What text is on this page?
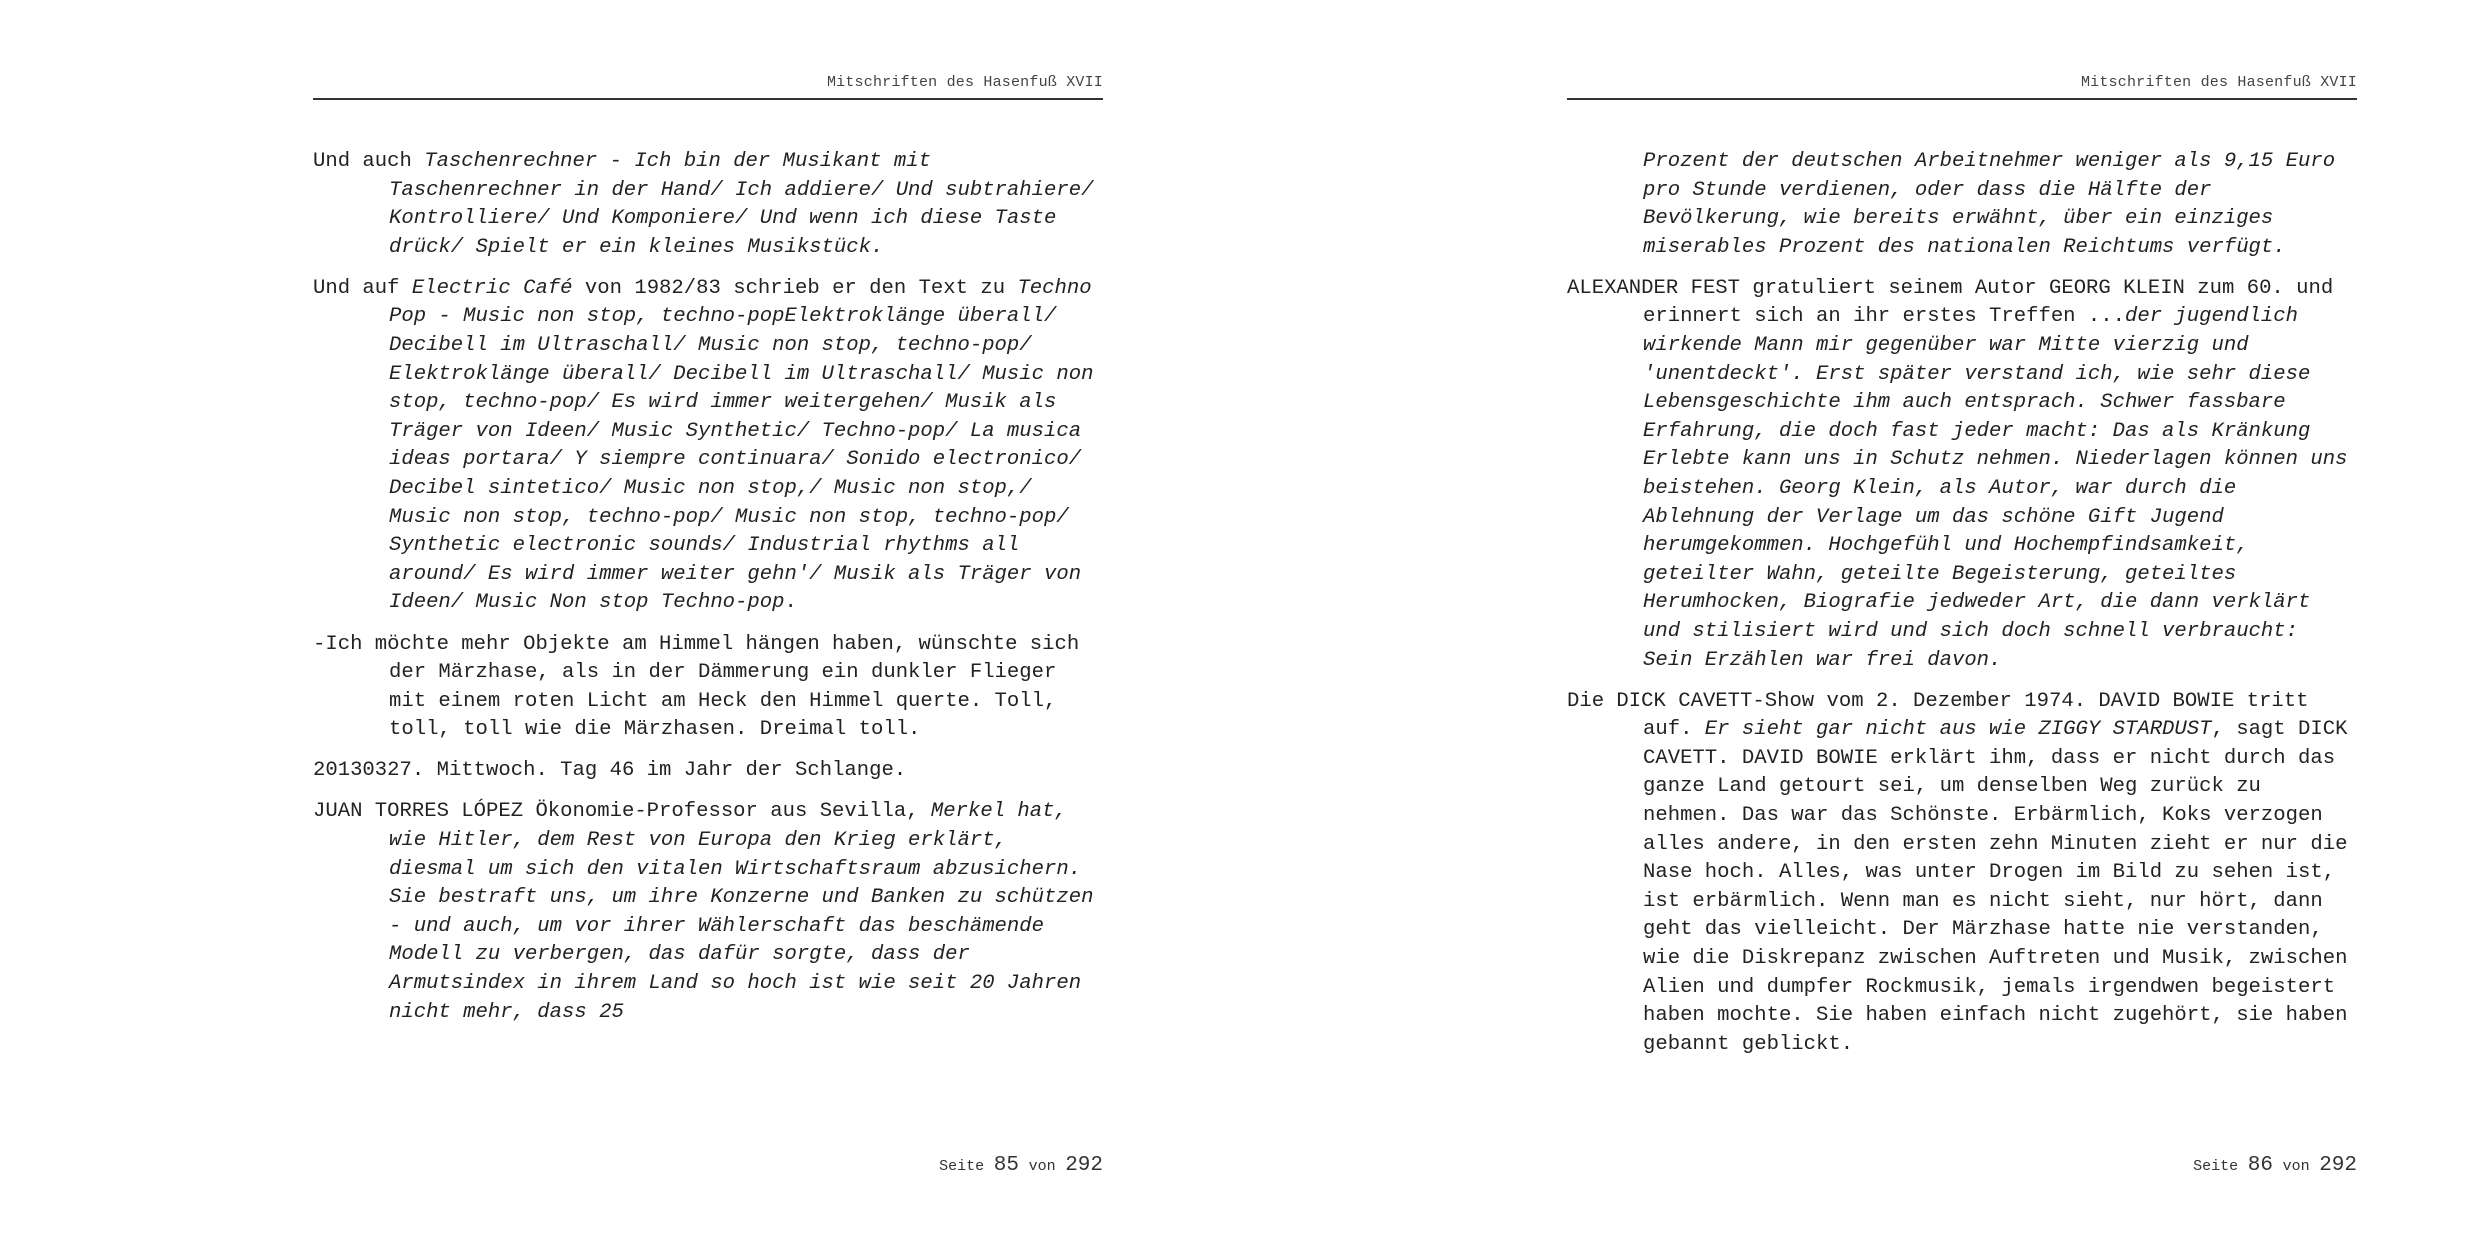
Mitschriften des Hasenfuß XVII

Und auch Taschenrechner - Ich bin der Musikant mit Taschenrechner in der Hand/ Ich addiere/ Und subtrahiere/ Kontrolliere/ Und Komponiere/ Und wenn ich diese Taste drück/ Spielt er ein kleines Musikstück.

Und auf Electric Café von 1982/83 schrieb er den Text zu Techno Pop - Music non stop, techno-popElektroklänge überall/ Decibell im Ultraschall/ Music non stop, techno-pop/ Elektroklänge überall/ Decibell im Ultraschall/ Music non stop, techno-pop/ Es wird immer weitergehen/ Musik als Träger von Ideen/ Music Synthetic/ Techno-pop/ La musica ideas portara/ Y siempre continuara/ Sonido electronico/ Decibel sintetico/ Music non stop,/ Music non stop,/ Music non stop, techno-pop/ Music non stop, techno-pop/ Synthetic electronic sounds/ Industrial rhythms all around/ Es wird immer weiter gehn'/ Musik als Träger von Ideen/ Music Non stop Techno-pop.

-Ich möchte mehr Objekte am Himmel hängen haben, wünschte sich der Märzhase, als in der Dämmerung ein dunkler Flieger mit einem roten Licht am Heck den Himmel querte. Toll, toll, toll wie die Märzhasen. Dreimal toll.

20130327. Mittwoch. Tag 46 im Jahr der Schlange.

JUAN TORRES LÓPEZ Ökonomie-Professor aus Sevilla, Merkel hat, wie Hitler, dem Rest von Europa den Krieg erklärt, diesmal um sich den vitalen Wirtschaftsraum abzusichern. Sie bestraft uns, um ihre Konzerne und Banken zu schützen - und auch, um vor ihrer Wählerschaft das beschämende Modell zu verbergen, das dafür sorgte, dass der Armutsindex in ihrem Land so hoch ist wie seit 20 Jahren nicht mehr, dass 25

Seite 85 von 292
Mitschriften des Hasenfuß XVII

Prozent der deutschen Arbeitnehmer weniger als 9,15 Euro pro Stunde verdienen, oder dass die Hälfte der Bevölkerung, wie bereits erwähnt, über ein einziges miserables Prozent des nationalen Reichtums verfügt.

ALEXANDER FEST gratuliert seinem Autor GEORG KLEIN zum 60. und erinnert sich an ihr erstes Treffen ...der jugendlich wirkende Mann mir gegenüber war Mitte vierzig und 'unentdeckt'. Erst später verstand ich, wie sehr diese Lebensgeschichte ihm auch entsprach. Schwer fassbare Erfahrung, die doch fast jeder macht: Das als Kränkung Erlebte kann uns in Schutz nehmen. Niederlagen können uns beistehen. Georg Klein, als Autor, war durch die Ablehnung der Verlage um das schöne Gift Jugend herumgekommen. Hochgefühl und Hochempfindsamkeit, geteilter Wahn, geteilte Begeisterung, geteiltes Herumhocken, Biografie jedweder Art, die dann verklärt und stilisiert wird und sich doch schnell verbraucht: Sein Erzählen war frei davon.

Die DICK CAVETT-Show vom 2. Dezember 1974. DAVID BOWIE tritt auf. Er sieht gar nicht aus wie ZIGGY STARDUST, sagt DICK CAVETT. DAVID BOWIE erklärt ihm, dass er nicht durch das ganze Land getourt sei, um denselben Weg zurück zu nehmen. Das war das Schönste. Erbärmlich, Koks verzogen alles andere, in den ersten zehn Minuten zieht er nur die Nase hoch. Alles, was unter Drogen im Bild zu sehen ist, ist erbärmlich. Wenn man es nicht sieht, nur hört, dann geht das vielleicht. Der Märzhase hatte nie verstanden, wie die Diskrepanz zwischen Auftreten und Musik, zwischen Alien und dumpfer Rockmusik, jemals irgendwen begeistert haben mochte. Sie haben einfach nicht zugehört, sie haben gebannt geblickt.

Seite 86 von 292
